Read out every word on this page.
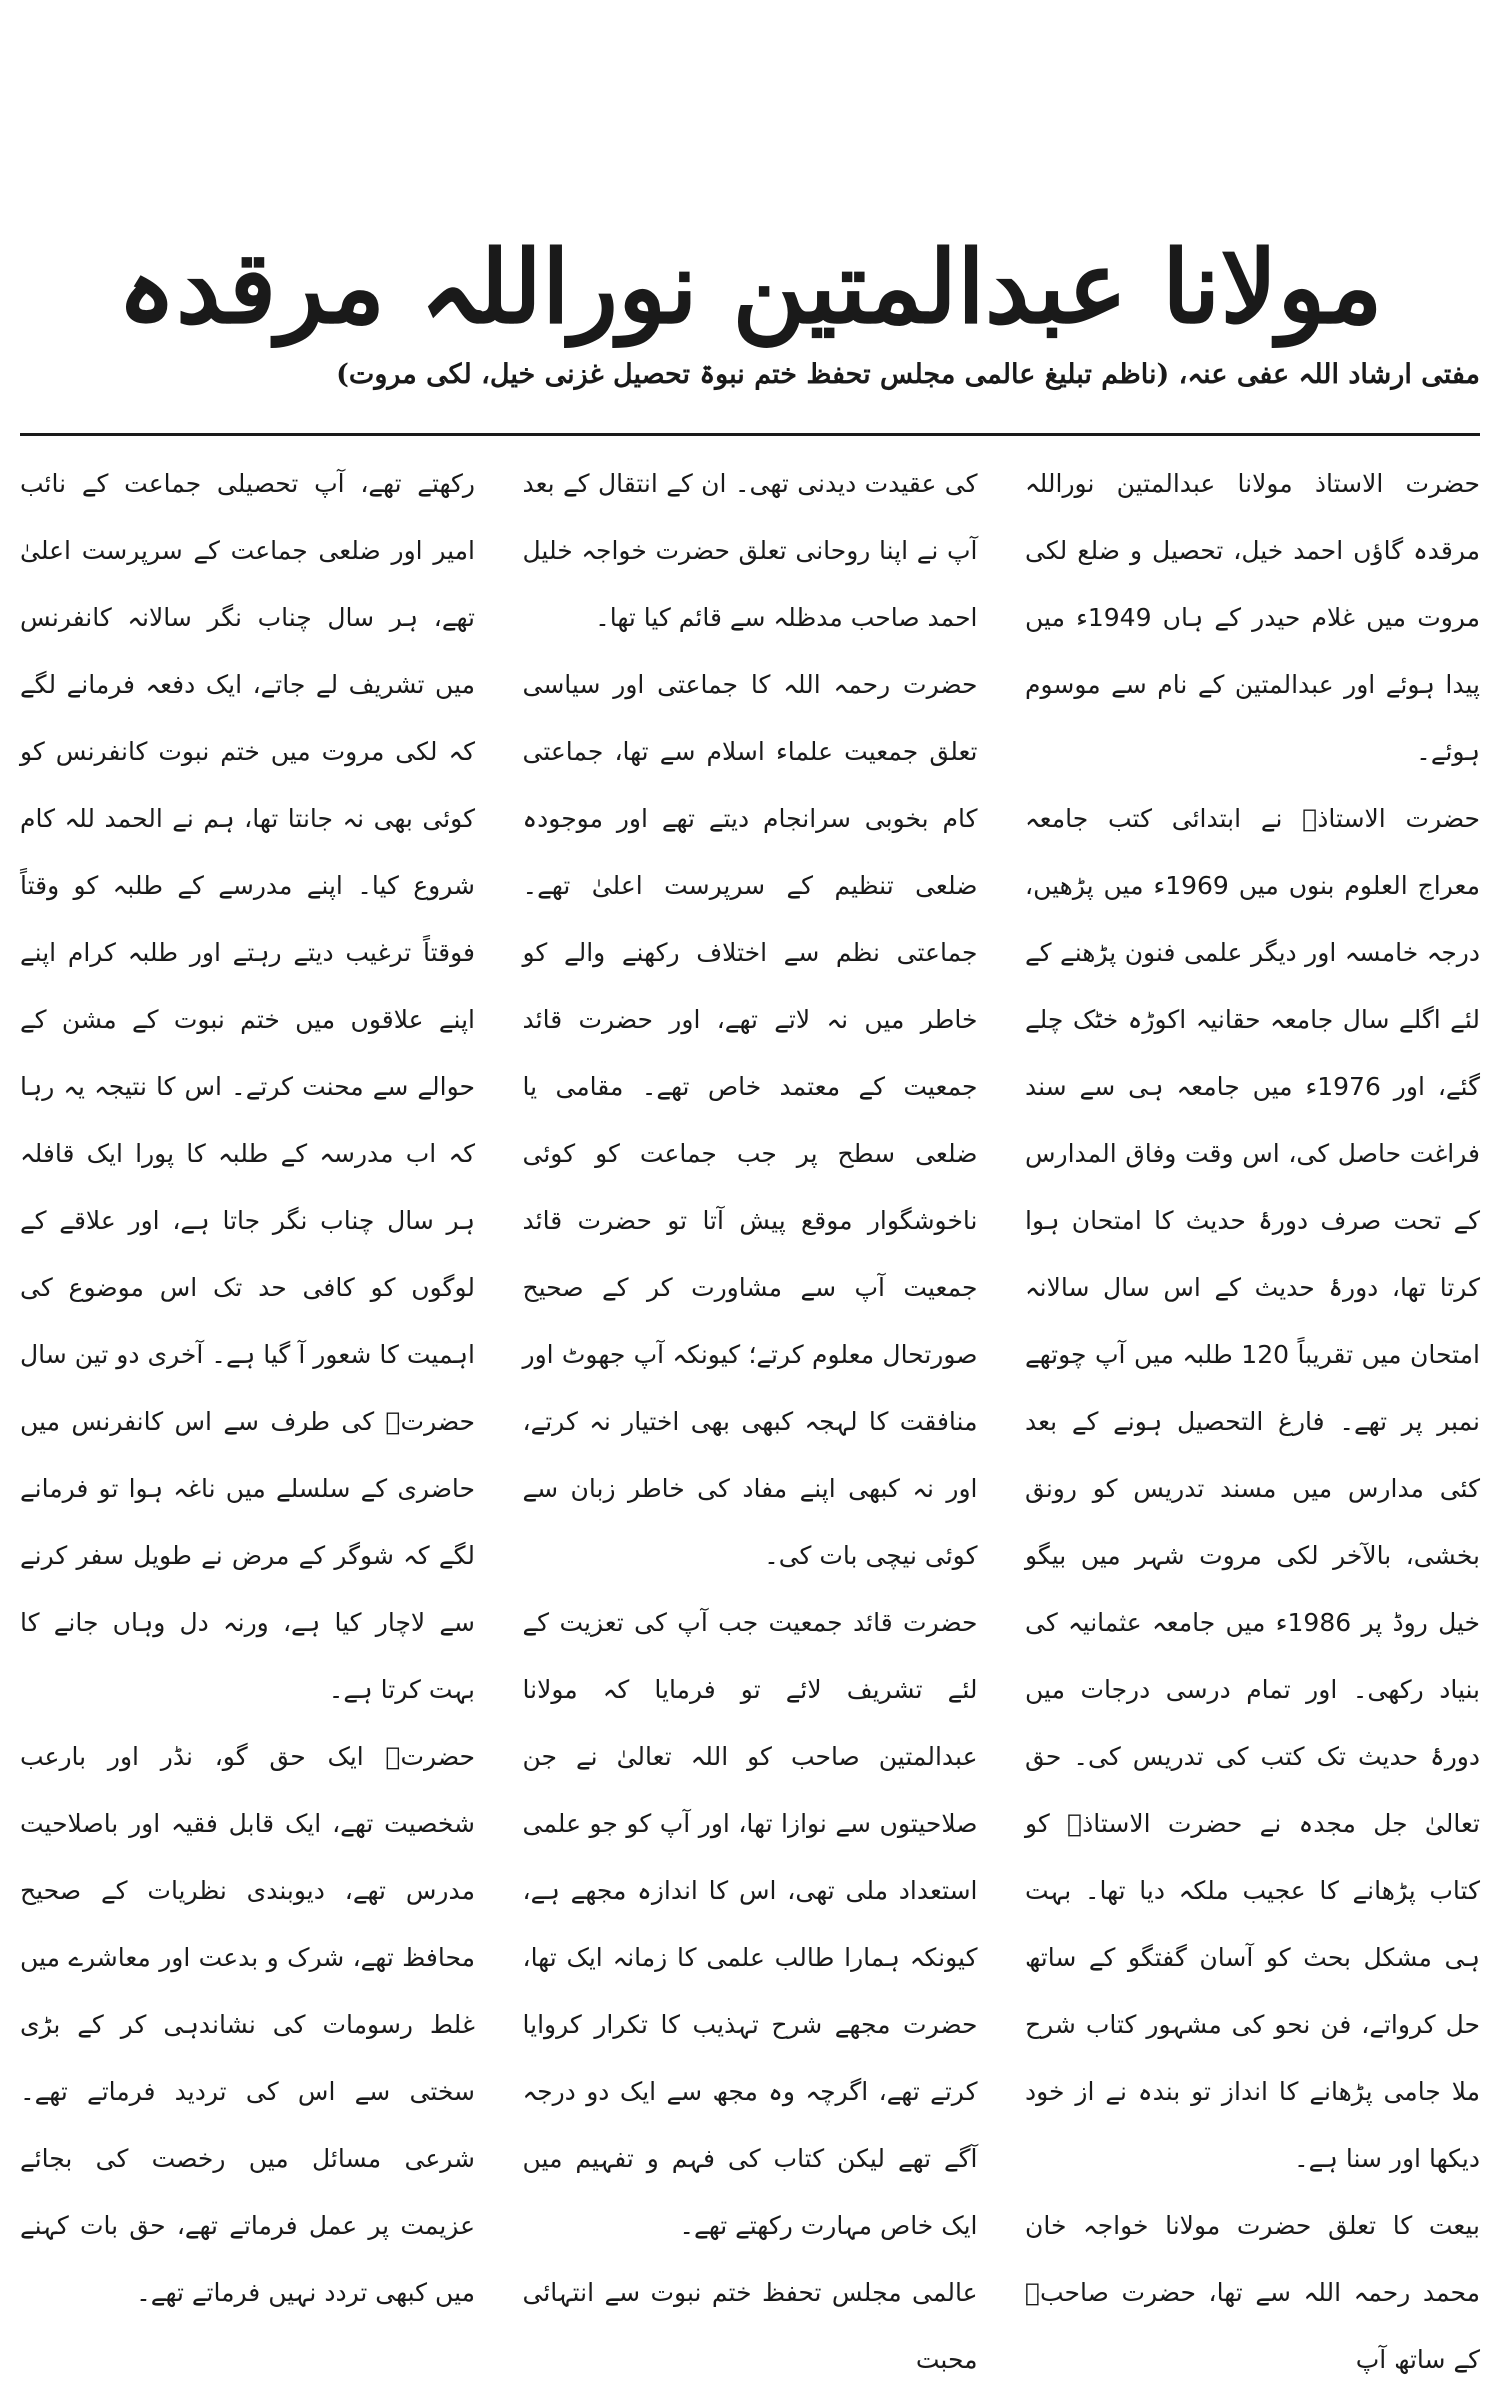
مولانا عبدالمتین نوراللہ مرقدہ
مفتی ارشاد اللہ عفی عنہ، (ناظم تبلیغ عالمی مجلس تحفظ ختم نبوۃ تحصیل غزنی خیل، لکی مروت)

حضرت الاستاذ مولانا عبدالمتین نوراللہ مرقدہ گاؤں احمد خیل، تحصیل و ضلع لکی مروت میں غلام حیدر کے ہاں 1949ء میں پیدا ہوئے اور عبدالمتین کے نام سے موسوم ہوئے۔

حضرت الاستاذؒ نے ابتدائی کتب جامعہ معراج العلوم بنوں میں 1969ء میں پڑھیں، درجہ خامسہ اور دیگر علمی فنون پڑھنے کے لئے اگلے سال جامعہ حقانیہ اکوڑہ خٹک چلے گئے، اور 1976ء میں جامعہ ہی سے سند فراغت حاصل کی، اس وقت وفاق المدارس کے تحت صرف دورۂ حدیث کا امتحان ہوا کرتا تھا، دورۂ حدیث کے اس سال سالانہ امتحان میں تقریباً 120 طلبہ میں آپ چوتھے نمبر پر تھے۔ فارغ التحصیل ہونے کے بعد کئی مدارس میں مسند تدریس کو رونق بخشی، بالآخر لکی مروت شہر میں بیگو خیل روڈ پر 1986ء میں جامعہ عثمانیہ کی بنیاد رکھی۔ اور تمام درسی درجات میں دورۂ حدیث تک کتب کی تدریس کی۔ حق تعالیٰ جل مجدہ نے حضرت الاستاذؒ کو کتاب پڑھانے کا عجیب ملکہ دیا تھا۔ بہت ہی مشکل بحث کو آسان گفتگو کے ساتھ حل کرواتے، فن نحو کی مشہور کتاب شرح ملا جامی پڑھانے کا انداز تو بندہ نے از خود دیکھا اور سنا ہے۔

بیعت کا تعلق حضرت مولانا خواجہ خان محمد رحمہ اللہ سے تھا، حضرت صاحبؒ کے ساتھ آپ

کی عقیدت دیدنی تھی۔ ان کے انتقال کے بعد آپ نے اپنا روحانی تعلق حضرت خواجہ خلیل احمد صاحب مدظلہ سے قائم کیا تھا۔

حضرت رحمہ اللہ کا جماعتی اور سیاسی تعلق جمعیت علماء اسلام سے تھا، جماعتی کام بخوبی سرانجام دیتے تھے اور موجودہ ضلعی تنظیم کے سرپرست اعلیٰ تھے۔ جماعتی نظم سے اختلاف رکھنے والے کو خاطر میں نہ لاتے تھے، اور حضرت قائد جمعیت کے معتمد خاص تھے۔ مقامی یا ضلعی سطح پر جب جماعت کو کوئی ناخوشگوار موقع پیش آتا تو حضرت قائد جمعیت آپ سے مشاورت کر کے صحیح صورتحال معلوم کرتے؛ کیونکہ آپ جھوٹ اور منافقت کا لہجہ کبھی بھی اختیار نہ کرتے، اور نہ کبھی اپنے مفاد کی خاطر زبان سے کوئی نیچی بات کی۔

حضرت قائد جمعیت جب آپ کی تعزیت کے لئے تشریف لائے تو فرمایا کہ مولانا عبدالمتین صاحب کو اللہ تعالیٰ نے جن صلاحیتوں سے نوازا تھا، اور آپ کو جو علمی استعداد ملی تھی، اس کا اندازہ مجھے ہے، کیونکہ ہمارا طالب علمی کا زمانہ ایک تھا، حضرت مجھے شرح تہذیب کا تکرار کروایا کرتے تھے، اگرچہ وہ مجھ سے ایک دو درجہ آگے تھے لیکن کتاب کی فہم و تفہیم میں ایک خاص مہارت رکھتے تھے۔

عالمی مجلس تحفظ ختم نبوت سے انتہائی محبت

رکھتے تھے، آپ تحصیلی جماعت کے نائب امیر اور ضلعی جماعت کے سرپرست اعلیٰ تھے، ہر سال چناب نگر سالانہ کانفرنس میں تشریف لے جاتے، ایک دفعہ فرمانے لگے کہ لکی مروت میں ختم نبوت کانفرنس کو کوئی بھی نہ جانتا تھا، ہم نے الحمد للہ کام شروع کیا۔ اپنے مدرسے کے طلبہ کو وقتاً فوقتاً ترغیب دیتے رہتے اور طلبہ کرام اپنے اپنے علاقوں میں ختم نبوت کے مشن کے حوالے سے محنت کرتے۔ اس کا نتیجہ یہ رہا کہ اب مدرسہ کے طلبہ کا پورا ایک قافلہ ہر سال چناب نگر جاتا ہے، اور علاقے کے لوگوں کو کافی حد تک اس موضوع کی اہمیت کا شعور آ گیا ہے۔ آخری دو تین سال حضرتؒ کی طرف سے اس کانفرنس میں حاضری کے سلسلے میں ناغہ ہوا تو فرمانے لگے کہ شوگر کے مرض نے طویل سفر کرنے سے لاچار کیا ہے، ورنہ دل وہاں جانے کا بہت کرتا ہے۔

حضرتؒ ایک حق گو، نڈر اور بارعب شخصیت تھے، ایک قابل فقیہ اور باصلاحیت مدرس تھے، دیوبندی نظریات کے صحیح محافظ تھے، شرک و بدعت اور معاشرے میں غلط رسومات کی نشاندہی کر کے بڑی سختی سے اس کی تردید فرماتے تھے۔ شرعی مسائل میں رخصت کی بجائے عزیمت پر عمل فرماتے تھے، حق بات کہنے میں کبھی تردد نہیں فرماتے تھے۔
